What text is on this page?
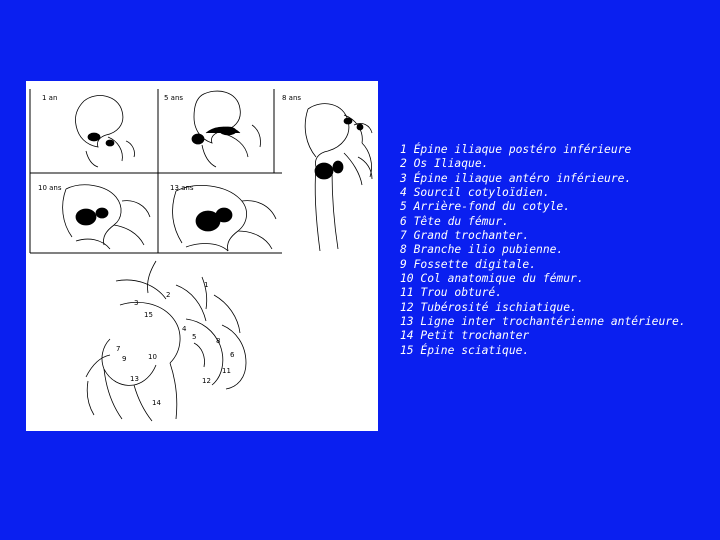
1
2
3
4
5
6
7
8
9	10
11
12
13
14
15
1 an	5 ans	8 ans
10 ans	13 ans
1 Épine iliaque postéro inférieure
2 Os Iliaque.
3 Épine iliaque antéro inférieure.
4 Sourcil cotyloïdien.
5 Arrière-fond du cotyle.
6 Tête du fémur.
7 Grand trochanter.
8 Branche ilio pubienne.
9 Fossette digitale.
10 Col anatomique du fémur.
11 Trou obturé.
12 Tubérosité ischiatique.
13 Ligne inter trochantérienne antérieure.
14 Petit trochanter
15 Épine sciatique.
